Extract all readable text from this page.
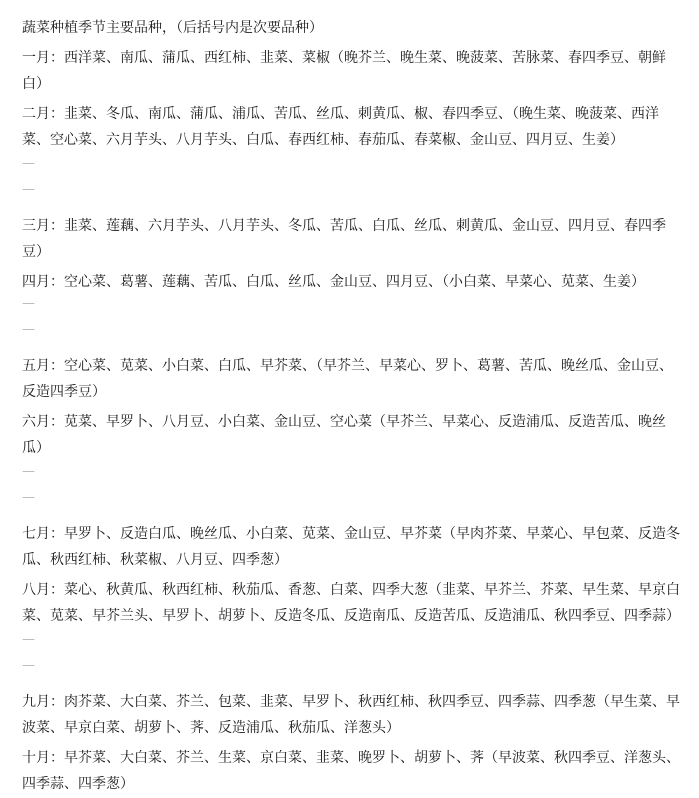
蔬菜种植季节主要品种，（后括号内是次要品种）
一月：西洋菜、南瓜、蒲瓜、西红柿、韭菜、菜椒（晚芥兰、晚生菜、晚菠菜、苦脉菜、春四季豆、朝鲜
白）
二月：韭菜、冬瓜、南瓜、蒲瓜、浦瓜、苦瓜、丝瓜、刺黄瓜、椒、春四季豆、（晚生菜、晚菠菜、西洋
菜、空心菜、六月芋头、八月芋头、白瓜、春西红柿、春茄瓜、春菜椒、金山豆、四月豆、生姜）
—
—
三月：韭菜、莲藕、六月芋头、八月芋头、冬瓜、苦瓜、白瓜、丝瓜、刺黄瓜、金山豆、四月豆、春四季
豆）
四月：空心菜、葛薯、莲藕、苦瓜、白瓜、丝瓜、金山豆、四月豆、（小白菜、早菜心、苋菜、生姜）
—
—
五月：空心菜、苋菜、小白菜、白瓜、早芥菜、（早芥兰、早菜心、罗卜、葛薯、苦瓜、晚丝瓜、金山豆、
反造四季豆）
六月：苋菜、早罗卜、八月豆、小白菜、金山豆、空心菜（早芥兰、早菜心、反造浦瓜、反造苦瓜、晚丝
瓜）
—
—
七月：早罗卜、反造白瓜、晚丝瓜、小白菜、苋菜、金山豆、早芥菜（早肉芥菜、早菜心、早包菜、反造冬
瓜、秋西红柿、秋菜椒、八月豆、四季葱）
八月：菜心、秋黄瓜、秋西红柿、秋茄瓜、香葱、白菜、四季大葱（韭菜、早芥兰、芥菜、早生菜、早京白
菜、苋菜、早芥兰头、早罗卜、胡萝卜、反造冬瓜、反造南瓜、反造苦瓜、反造浦瓜、秋四季豆、四季蒜）
—
—
九月：肉芥菜、大白菜、芥兰、包菜、韭菜、早罗卜、秋西红柿、秋四季豆、四季蒜、四季葱（早生菜、早
波菜、早京白菜、胡萝卜、荠、反造浦瓜、秋茄瓜、洋葱头）
十月：早芥菜、大白菜、芥兰、生菜、京白菜、韭菜、晚罗卜、胡萝卜、荠（早波菜、秋四季豆、洋葱头、
四季蒜、四季葱）
